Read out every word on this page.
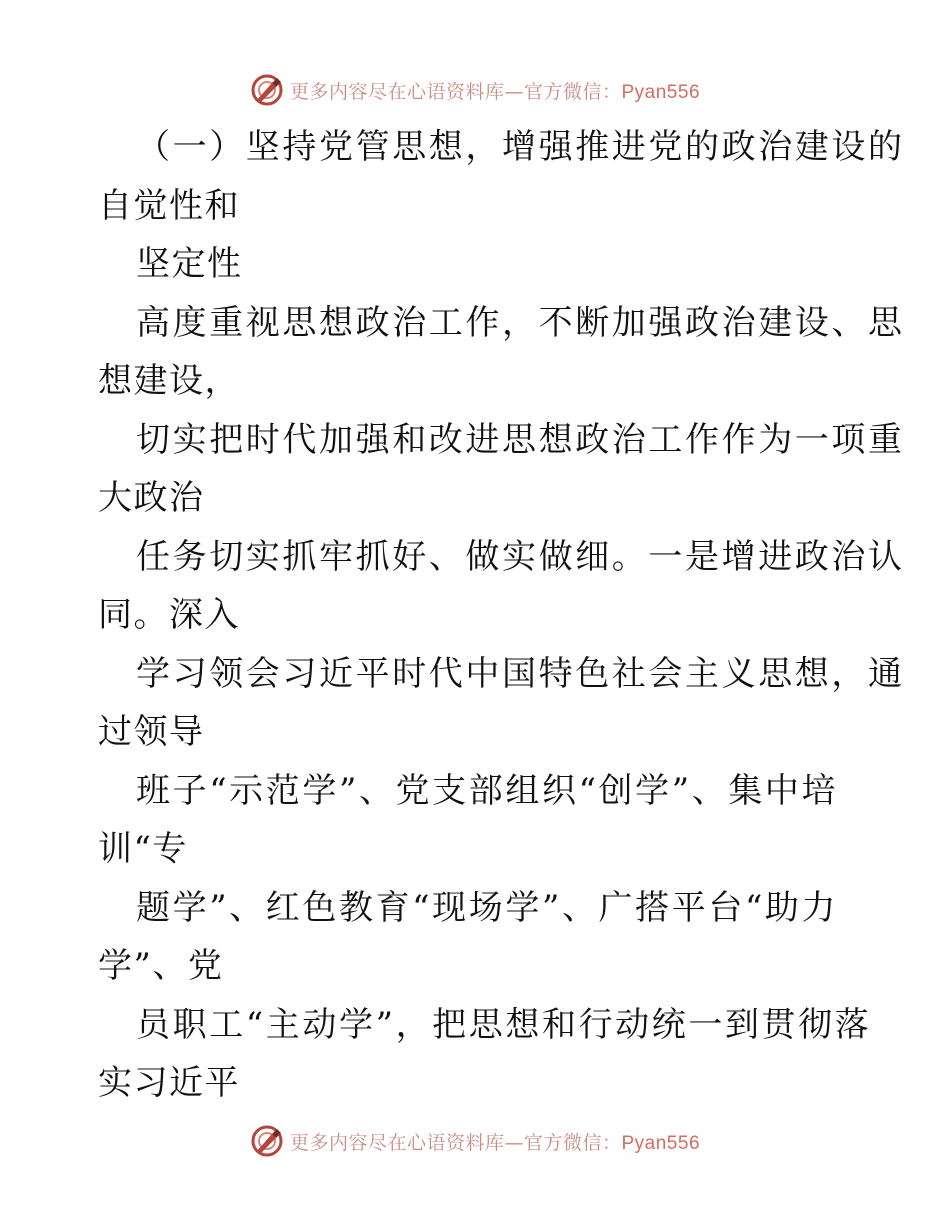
更多内容尽在心语资料库—官方微信：Pyan556
（一）坚持党管思想，增强推进党的政治建设的
自觉性和
坚定性
高度重视思想政治工作，不断加强政治建设、思
想建设，
切实把时代加强和改进思想政治工作作为一项重
大政治
任务切实抓牢抓好、做实做细。一是增进政治认
同。深入
学习领会习近平时代中国特色社会主义思想，通
过领导
班子“示范学”、党支部组织“创学”、集中培
训“专
题学”、红色教育“现场学”、广搭平台“助力
学”、党
员职工“主动学”，把思想和行动统一到贯彻落
实习近平
更多内容尽在心语资料库—官方微信：Pyan556
